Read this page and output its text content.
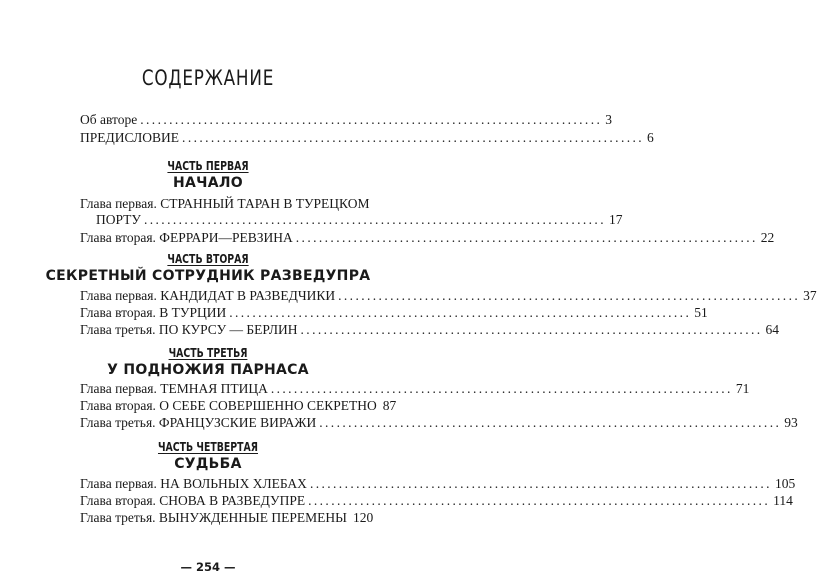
СОДЕРЖАНИЕ
Об авторе ................................................................................ 3
ПРЕДИСЛОВИЕ ................................................................................ 6
ЧАСТЬ ПЕРВАЯ
НАЧАЛО
Глава первая. СТРАННЫЙ ТАРАН В ТУРЕЦКОМ
ПОРТУ ................................................................................ 17
Глава вторая. ФЕРРАРИ—РЕВЗИНА ................................................................................ 22
ЧАСТЬ ВТОРАЯ
СЕКРЕТНЫЙ СОТРУДНИК РАЗВЕДУПРА
Глава первая. КАНДИДАТ В РАЗВЕДЧИКИ ................................................................................ 37
Глава вторая. В ТУРЦИИ ................................................................................ 51
Глава третья. ПО КУРСУ — БЕРЛИН ................................................................................ 64
ЧАСТЬ ТРЕТЬЯ
У ПОДНОЖИЯ ПАРНАСА
Глава первая. ТЕМНАЯ ПТИЦА ................................................................................ 71
Глава вторая. О СЕБЕ СОВЕРШЕННО СЕКРЕТНО 87
Глава третья. ФРАНЦУЗСКИЕ ВИРАЖИ ................................................................................ 93
ЧАСТЬ ЧЕТВЕРТАЯ
СУДЬБА
Глава первая. НА ВОЛЬНЫХ ХЛЕБАХ ................................................................................ 105
Глава вторая. СНОВА В РАЗВЕДУПРЕ ................................................................................ 114
Глава третья. ВЫНУЖДЕННЫЕ ПЕРЕМЕНЫ 120
— 254 —
